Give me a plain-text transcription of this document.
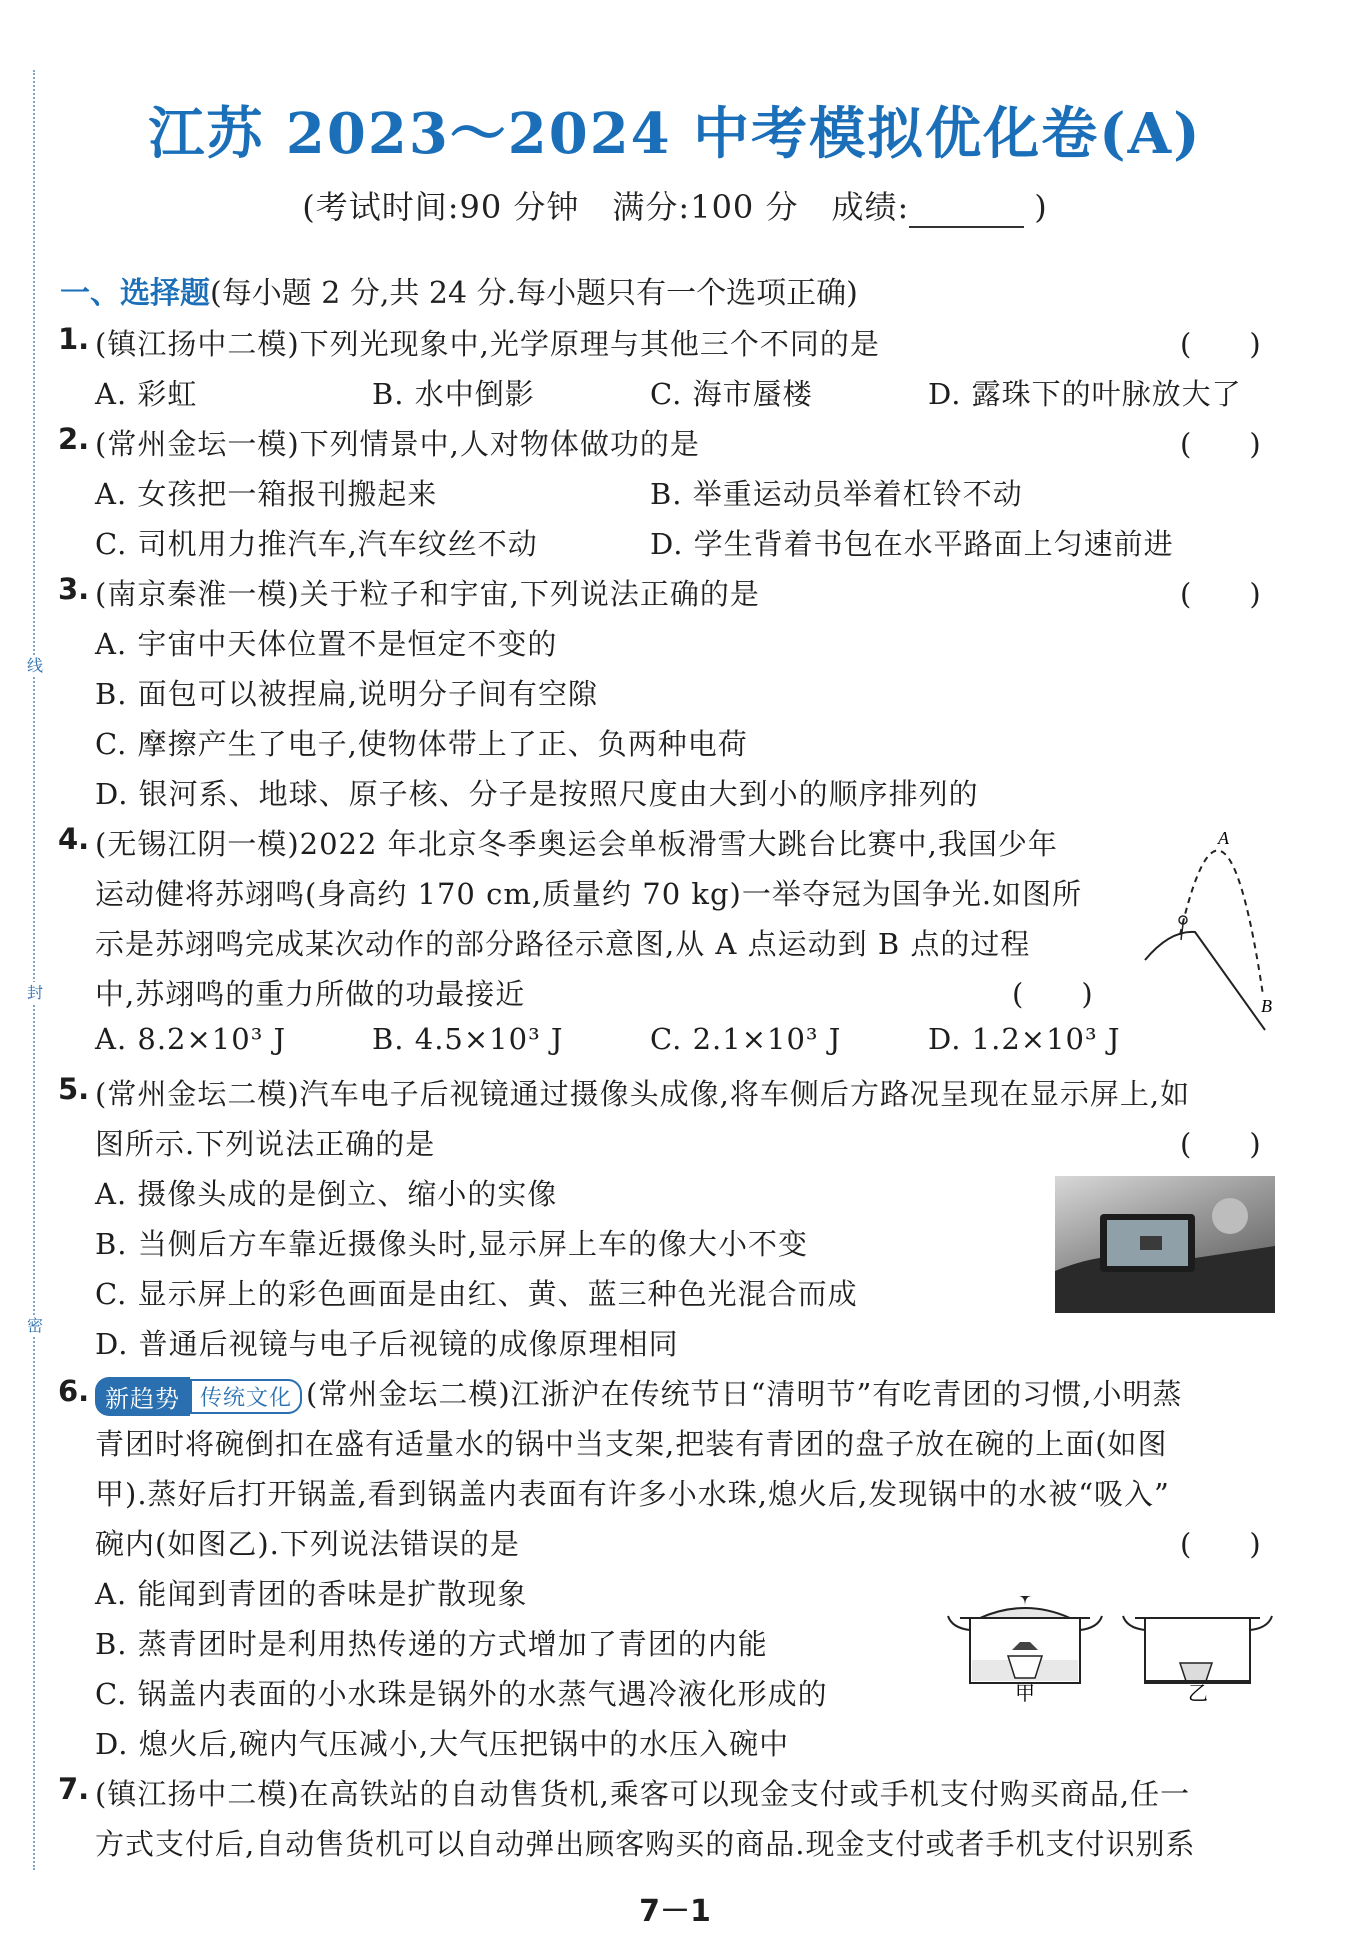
线
封
密
江苏 2023～2024 中考模拟优化卷(A)
(考试时间:90 分钟　满分:100 分　成绩:	)
一、选择题(每小题 2 分,共 24 分.每小题只有一个选项正确)
1. (镇江扬中二模)下列光现象中,光学原理与其他三个不同的是	(　　)
A. 彩虹	B. 水中倒影	C. 海市蜃楼	D. 露珠下的叶脉放大了
2. (常州金坛一模)下列情景中,人对物体做功的是	(　　)
A. 女孩把一箱报刊搬起来	B. 举重运动员举着杠铃不动
C. 司机用力推汽车,汽车纹丝不动	D. 学生背着书包在水平路面上匀速前进
3. (南京秦淮一模)关于粒子和宇宙,下列说法正确的是	(　　)
A. 宇宙中天体位置不是恒定不变的
B. 面包可以被捏扁,说明分子间有空隙
C. 摩擦产生了电子,使物体带上了正、负两种电荷
D. 银河系、地球、原子核、分子是按照尺度由大到小的顺序排列的
4. (无锡江阴一模)2022 年北京冬季奥运会单板滑雪大跳台比赛中,我国少年
运动健将苏翊鸣(身高约 170 cm,质量约 70 kg)一举夺冠为国争光.如图所
示是苏翊鸣完成某次动作的部分路径示意图,从 A 点运动到 B 点的过程
中,苏翊鸣的重力所做的功最接近	(　　)
A. 8.2×10³ J	B. 4.5×10³ J	C. 2.1×10³ J	D. 1.2×10³ J
A
B
5. (常州金坛二模)汽车电子后视镜通过摄像头成像,将车侧后方路况呈现在显示屏上,如
图所示.下列说法正确的是	(　　)
A. 摄像头成的是倒立、缩小的实像
B. 当侧后方车靠近摄像头时,显示屏上车的像大小不变
C. 显示屏上的彩色画面是由红、黄、蓝三种色光混合而成
D. 普通后视镜与电子后视镜的成像原理相同
6. 新趋势 传统文化 (常州金坛二模)江浙沪在传统节日“清明节”有吃青团的习惯,小明蒸
青团时将碗倒扣在盛有适量水的锅中当支架,把装有青团的盘子放在碗的上面(如图
甲).蒸好后打开锅盖,看到锅盖内表面有许多小水珠,熄火后,发现锅中的水被“吸入”
碗内(如图乙).下列说法错误的是	(　　)
A. 能闻到青团的香味是扩散现象
B. 蒸青团时是利用热传递的方式增加了青团的内能
C. 锅盖内表面的小水珠是锅外的水蒸气遇冷液化形成的
D. 熄火后,碗内气压减小,大气压把锅中的水压入碗中
甲	乙
7. (镇江扬中二模)在高铁站的自动售货机,乘客可以现金支付或手机支付购买商品,任一
方式支付后,自动售货机可以自动弹出顾客购买的商品.现金支付或者手机支付识别系
7－1
